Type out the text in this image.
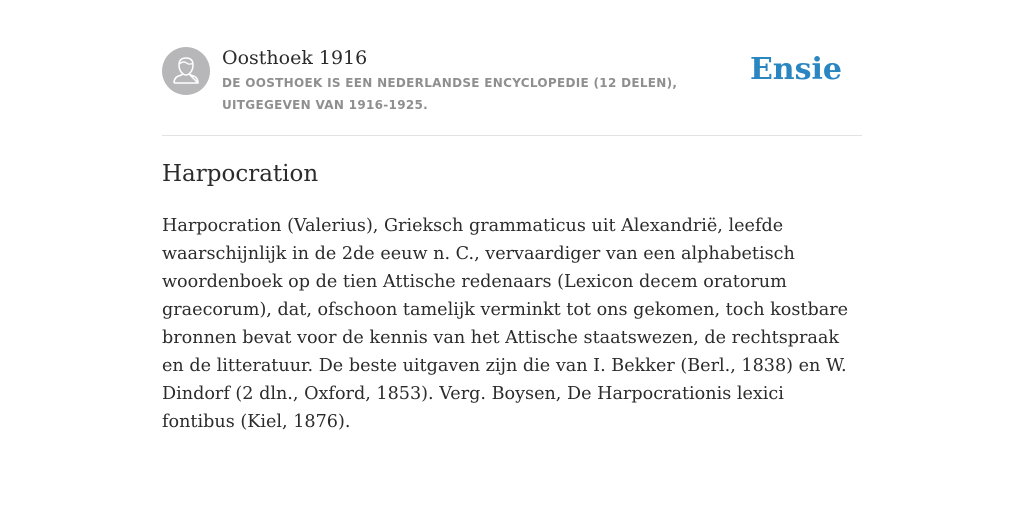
Oosthoek 1916
DE OOSTHOEK IS EEN NEDERLANDSE ENCYCLOPEDIE (12 DELEN), UITGEGEVEN VAN 1916-1925.
Ensie
Harpocration

Harpocration (Valerius), Grieksch grammaticus uit Alexandrië, leefde waarschijnlijk in de 2de eeuw n. C., vervaardiger van een alphabetisch woordenboek op de tien Attische redenaars (Lexicon decem oratorum graecorum), dat, ofschoon tamelijk verminkt tot ons gekomen, toch kostbare bronnen bevat voor de kennis van het Attische staatswezen, de rechtspraak en de litteratuur. De beste uitgaven zijn die van I. Bekker (Berl., 1838) en W. Dindorf (2 dln., Oxford, 1853). Verg. Boysen, De Harpocrationis lexici fontibus (Kiel, 1876).
